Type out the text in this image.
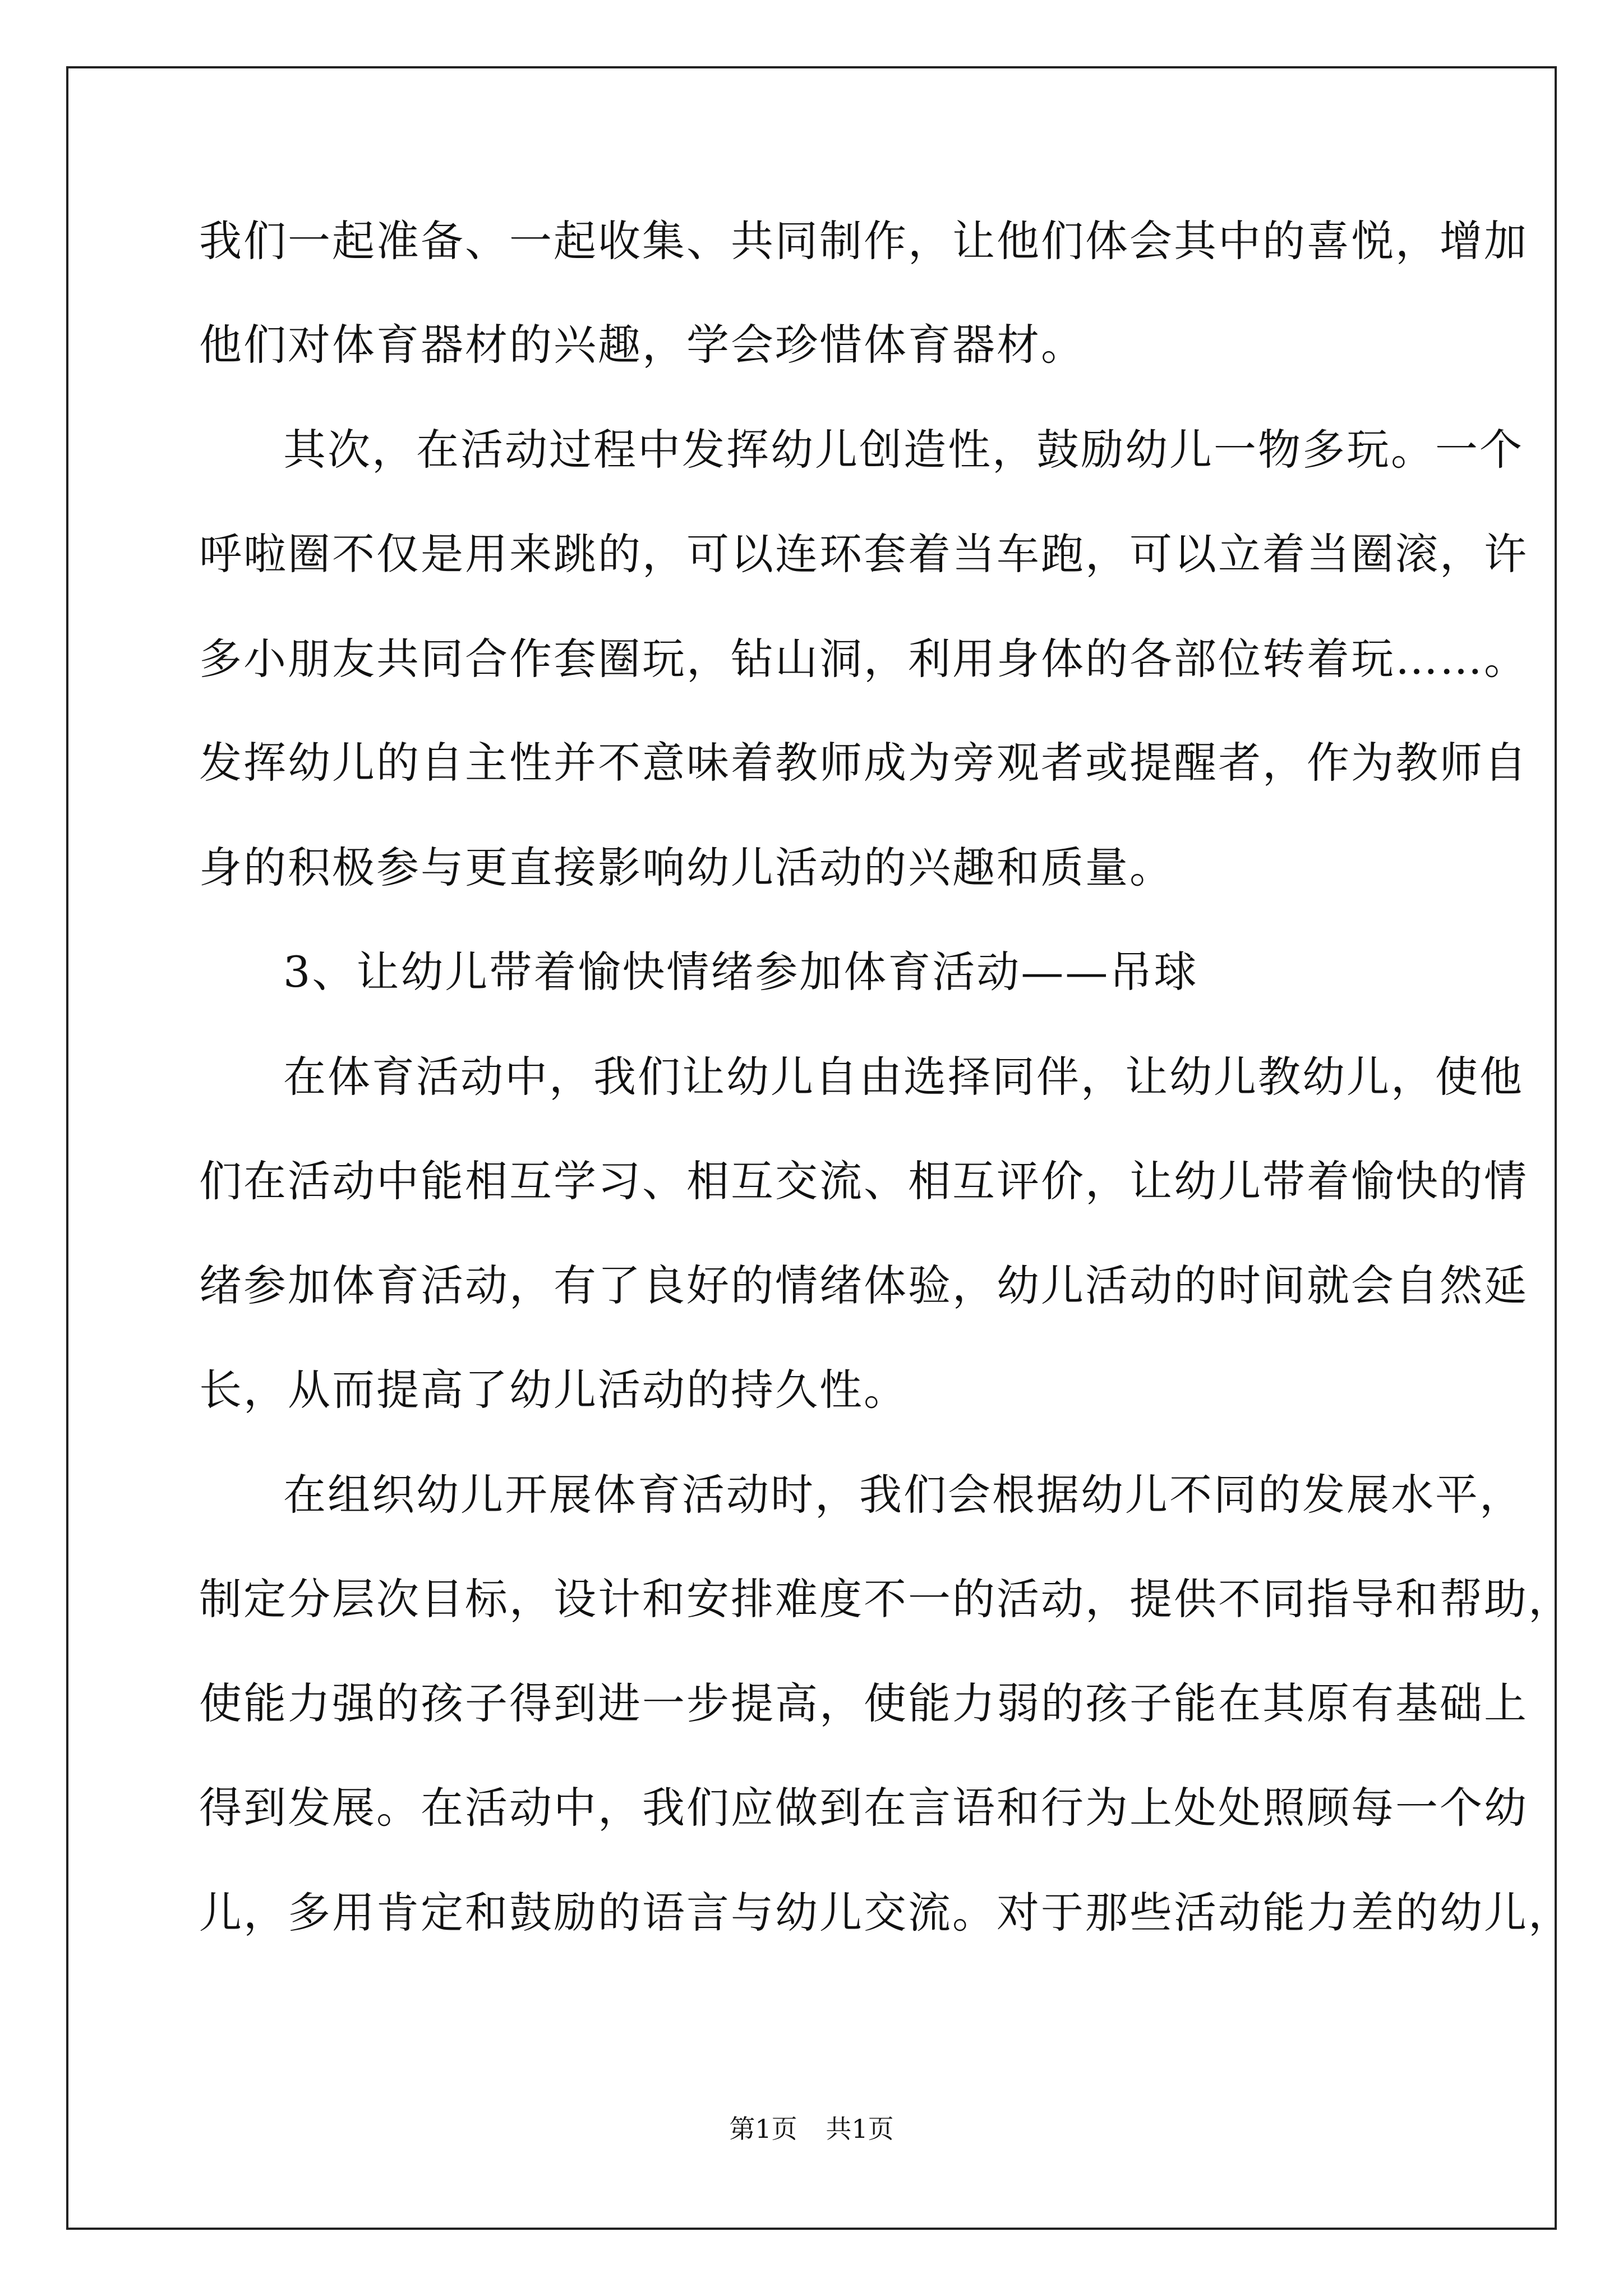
我们一起准备、一起收集、共同制作，让他们体会其中的喜悦，增加
他们对体育器材的兴趣，学会珍惜体育器材。
其次，在活动过程中发挥幼儿创造性，鼓励幼儿一物多玩。一个
呼啦圈不仅是用来跳的，可以连环套着当车跑，可以立着当圈滚，许
多小朋友共同合作套圈玩，钻山洞，利用身体的各部位转着玩……。
发挥幼儿的自主性并不意味着教师成为旁观者或提醒者，作为教师自
身的积极参与更直接影响幼儿活动的兴趣和质量。
3、让幼儿带着愉快情绪参加体育活动——吊球
在体育活动中，我们让幼儿自由选择同伴，让幼儿教幼儿，使他
们在活动中能相互学习、相互交流、相互评价，让幼儿带着愉快的情
绪参加体育活动，有了良好的情绪体验，幼儿活动的时间就会自然延
长，从而提高了幼儿活动的持久性。
在组织幼儿开展体育活动时，我们会根据幼儿不同的发展水平，
制定分层次目标，设计和安排难度不一的活动，提供不同指导和帮助，
使能力强的孩子得到进一步提高，使能力弱的孩子能在其原有基础上
得到发展。在活动中，我们应做到在言语和行为上处处照顾每一个幼
儿，多用肯定和鼓励的语言与幼儿交流。对于那些活动能力差的幼儿，
第1页 共1页
